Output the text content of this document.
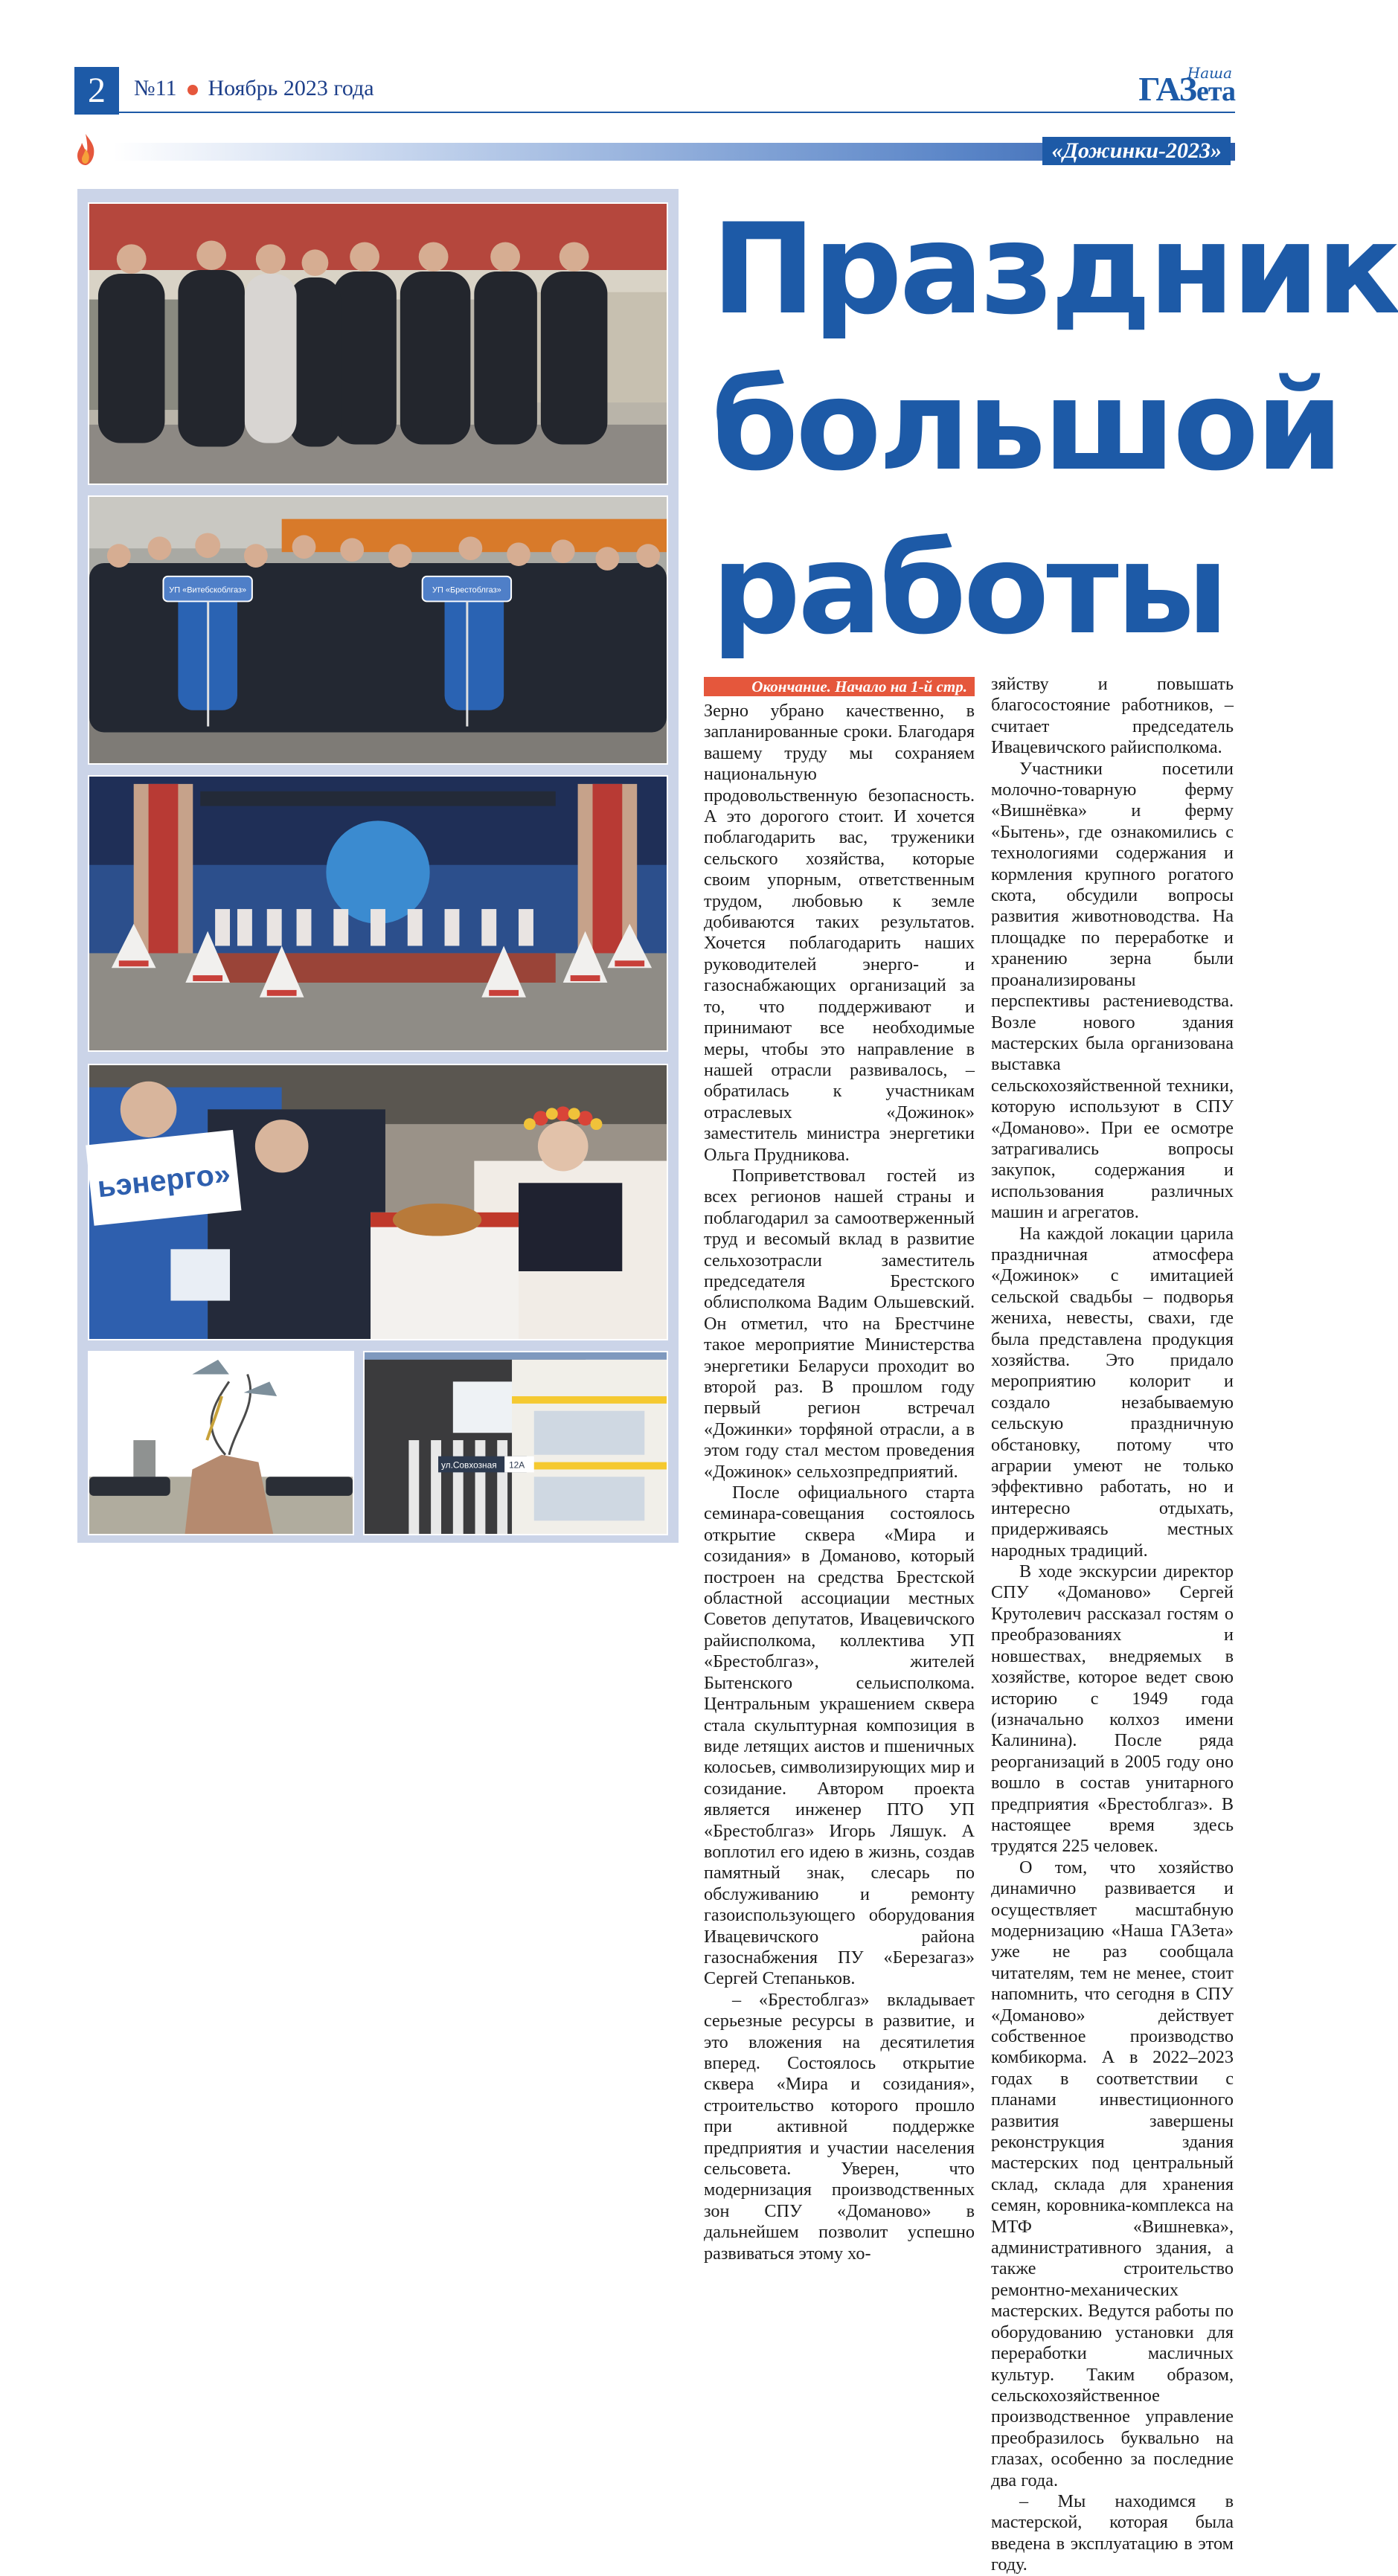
2	№11 Ноябрь 2023 года
Наша
ГАЗета
«Дожинки-2023»
УП «Витебскоблгаз»	УП «Брестоблгаз»
ьэнерго»
ул.Совхозная 12А
Праздник
большой
работы
Окончание. Начало на 1-й стр.

Зерно убрано качественно, в запланированные сроки. Благодаря вашему труду мы сохраняем национальную продовольственную безопасность. А это дорогого стоит. И хочется поблагодарить вас, труженики сельского хозяйства, которые своим упорным, ответственным трудом, любовью к земле добиваются таких результатов. Хочется поблагодарить наших руководителей энерго- и газоснабжающих организаций за то, что поддерживают и принимают все необходимые меры, чтобы это направление в нашей отрасли развивалось, – обратилась к участникам отраслевых «Дожинок» заместитель министра энергетики Ольга Прудникова.

Поприветствовал гостей из всех регионов нашей страны и поблагодарил за самоотверженный труд и весомый вклад в развитие сельхозотрасли заместитель председателя Брестского облисполкома Вадим Ольшевский. Он отметил, что на Брестчине такое мероприятие Министерства энергетики Беларуси проходит во второй раз. В прошлом году первый регион встречал «Дожинки» торфяной отрасли, а в этом году стал местом проведения «Дожинок» сельхозпредприятий.

После официального старта семинара-совещания состоялось открытие сквера «Мира и созидания» в Доманово, который построен на средства Брестской областной ассоциации местных Советов депутатов, Ивацевичского райисполкома, коллектива УП «Брестоблгаз», жителей Бытенского сельисполкома. Центральным украшением сквера стала скульптурная композиция в виде летящих аистов и пшеничных колосьев, символизирующих мир и созидание. Автором проекта является инженер ПТО УП «Брестоблгаз» Игорь Ляшук. А воплотил его идею в жизнь, создав памятный знак, слесарь по обслуживанию и ремонту газоиспользующего оборудования Ивацевичского района газоснабжения ПУ «Березагаз» Сергей Степаньков.

– «Брестоблгаз» вкладывает серьезные ресурсы в развитие, и это вложения на десятилетия вперед. Состоялось открытие сквера «Мира и созидания», строительство которого прошло при активной поддержке предприятия и участии населения сельсовета. Уверен, что модернизация производственных зон СПУ «Доманово» в дальнейшем позволит успешно развиваться этому хо-

зяйству и повышать благосостояние работников, – считает председатель Ивацевичского райисполкома.

Участники посетили молочно-товарную ферму «Вишнёвка» и ферму «Бытень», где ознакомились с технологиями содержания и кормления крупного рогатого скота, обсудили вопросы развития животноводства. На площадке по переработке и хранению зерна были проанализированы перспективы растениеводства. Возле нового здания мастерских была организована выставка сельскохозяйственной техники, которую используют в СПУ «Доманово». При ее осмотре затрагивались вопросы закупок, содержания и использования различных машин и агрегатов.

На каждой локации царила праздничная атмосфера «Дожинок» с имитацией сельской свадьбы – подворья жениха, невесты, свахи, где была представлена продукция хозяйства. Это придало мероприятию колорит и создало незабываемую сельскую праздничную обстановку, потому что аграрии умеют не только эффективно работать, но и интересно отдыхать, придерживаясь местных народных традиций.

В ходе экскурсии директор СПУ «Доманово» Сергей Крутолевич рассказал гостям о преобразованиях и новшествах, внедряемых в хозяйстве, которое ведет свою историю с 1949 года (изначально колхоз имени Калинина). После ряда реорганизаций в 2005 году оно вошло в состав унитарного предприятия «Брестоблгаз». В настоящее время здесь трудятся 225 человек.

О том, что хозяйство динамично развивается и осуществляет масштабную модернизацию «Наша ГАЗета» уже не раз сообщала читателям, тем не менее, стоит напомнить, что сегодня в СПУ «Доманово» действует собственное производство комбикорма. А в 2022–2023 годах в соответствии с планами инвестиционного развития завершены реконструкция здания мастерских под центральный склад, склада для хранения семян, коровника-комплекса на МТФ «Вишневка», административного здания, а также строительство ремонтно-механических мастерских. Ведутся работы по оборудованию установки для переработки масличных культур. Таким образом, сельскохозяйственное производственное управление преобразилось буквально на глазах, особенно за последние два года.

– Мы находимся в мастерской, которая была введена в эксплуатацию в этом году.
